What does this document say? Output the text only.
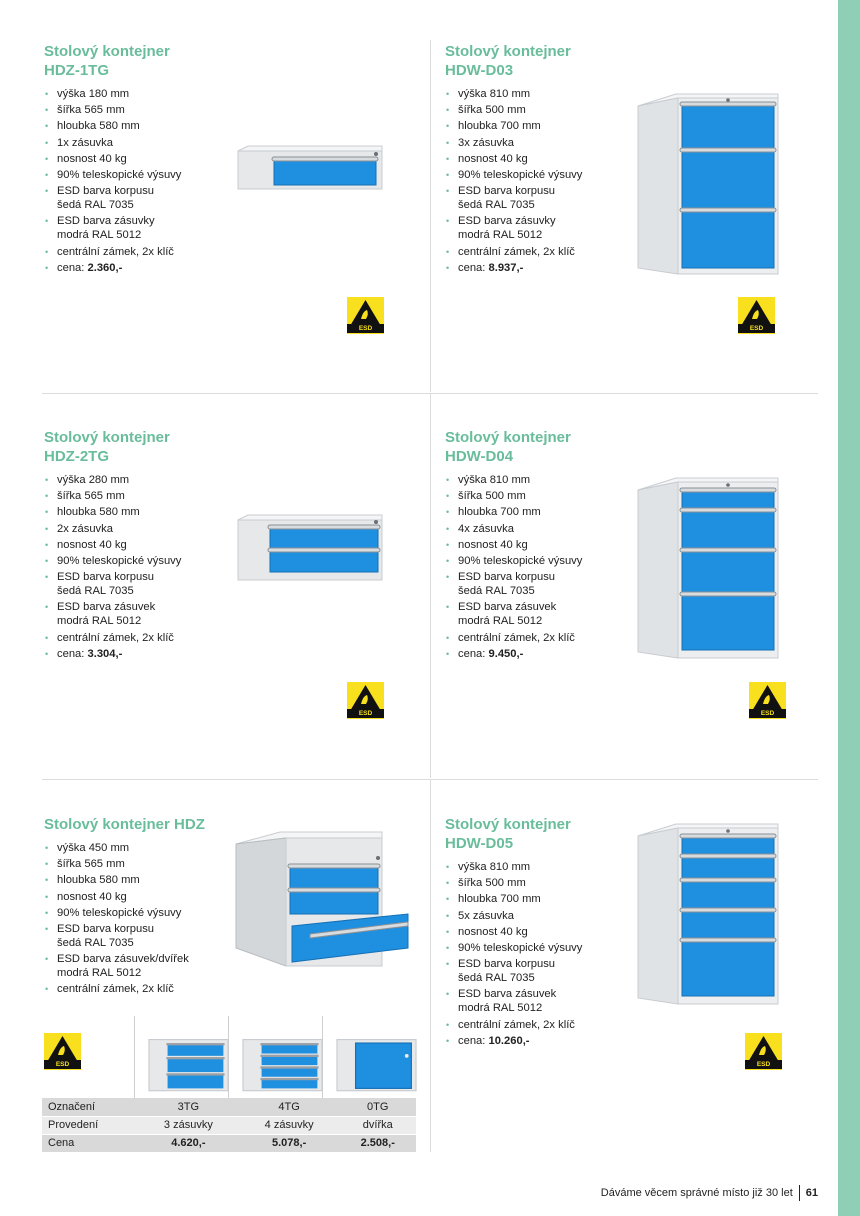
Stolový kontejner
HDZ-1TG
• výška 180 mm
• šířka 565 mm
• hloubka 580 mm
• 1x zásuvka
• nosnost 40 kg
• 90% teleskopické výsuvy
• ESD barva korpusu
šedá RAL 7035
• ESD barva zásuvky
modrá RAL 5012
• centrální zámek, 2x klíč
• cena: 2.360,-
ESD
Stolový kontejner
HDW-D03
• výška 810 mm
• šířka 500 mm
• hloubka 700 mm
• 3x zásuvka
• nosnost 40 kg
• 90% teleskopické výsuvy
• ESD barva korpusu
šedá RAL 7035
• ESD barva zásuvky
modrá RAL 5012
• centrální zámek, 2x klíč
• cena: 8.937,-
ESD
Stolový kontejner
HDZ-2TG
• výška 280 mm
• šířka 565 mm
• hloubka 580 mm
• 2x zásuvka
• nosnost 40 kg
• 90% teleskopické výsuvy
• ESD barva korpusu
šedá RAL 7035
• ESD barva zásuvek
modrá RAL 5012
• centrální zámek, 2x klíč
• cena: 3.304,-
ESD
Stolový kontejner
HDW-D04
• výška 810 mm
• šířka 500 mm
• hloubka 700 mm
• 4x zásuvka
• nosnost 40 kg
• 90% teleskopické výsuvy
• ESD barva korpusu
šedá RAL 7035
• ESD barva zásuvek
modrá RAL 5012
• centrální zámek, 2x klíč
• cena: 9.450,-
ESD
Stolový kontejner HDZ
• výška 450 mm
• šířka 565 mm
• hloubka 580 mm
• nosnost 40 kg
• 90% teleskopické výsuvy
• ESD barva korpusu
šedá RAL 7035
• ESD barva zásuvek/dvířek
modrá RAL 5012
• centrální zámek, 2x klíč
ESD
Označení	3TG	4TG	0TG
Provedení	3 zásuvky	4 zásuvky	dvířka
Cena	4.620,-	5.078,-	2.508,-
Stolový kontejner
HDW-D05
• výška 810 mm
• šířka 500 mm
• hloubka 700 mm
• 5x zásuvka
• nosnost 40 kg
• 90% teleskopické výsuvy
• ESD barva korpusu
šedá RAL 7035
• ESD barva zásuvek
modrá RAL 5012
• centrální zámek, 2x klíč
• cena: 10.260,-
ESD
Dáváme věcem správné místo již 30 let 61
